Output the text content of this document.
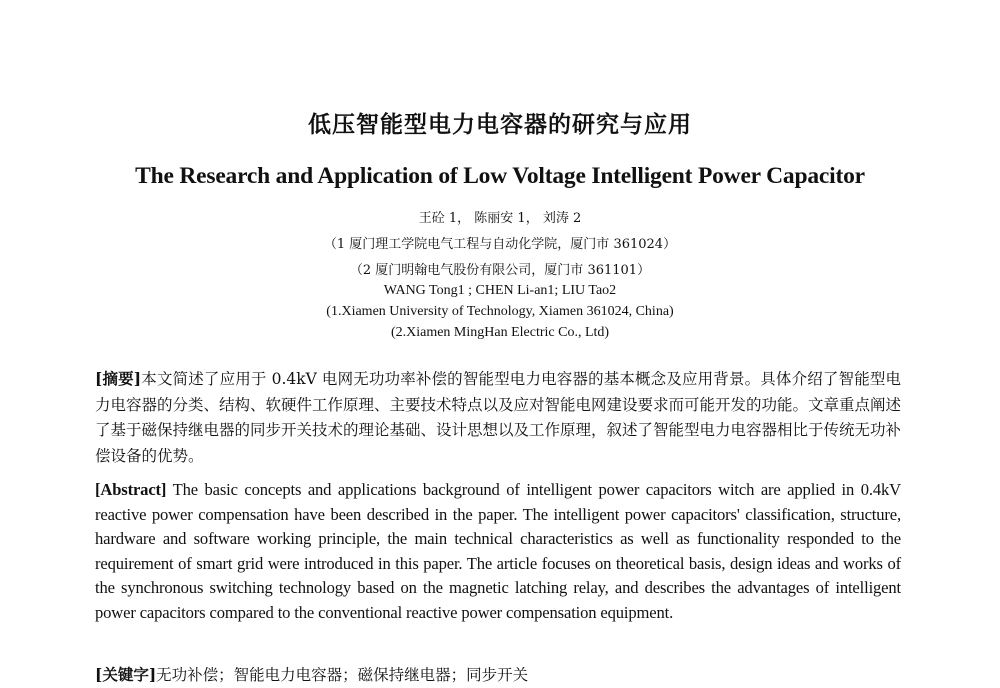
低压智能型电力电容器的研究与应用
The Research and Application of Low Voltage Intelligent Power Capacitor
王砼 1， 陈丽安 1， 刘涛 2
（1 厦门理工学院电气工程与自动化学院，厦门市 361024）
（2 厦门明翰电气股份有限公司，厦门市 361101）
WANG Tong1 ; CHEN Li-an1; LIU Tao2
(1.Xiamen University of Technology, Xiamen 361024, China)
(2.Xiamen MingHan Electric Co., Ltd)
[摘要]本文简述了应用于 0.4kV 电网无功功率补偿的智能型电力电容器的基本概念及应用背景。具体介绍了智能型电力电容器的分类、结构、软硬件工作原理、主要技术特点以及应对智能电网建设要求而可能开发的功能。文章重点阐述了基于磁保持继电器的同步开关技术的理论基础、设计思想以及工作原理，叙述了智能型电力电容器相比于传统无功补偿设备的优势。
[Abstract] The basic concepts and applications background of intelligent power capacitors witch are applied in 0.4kV reactive power compensation have been described in the paper. The intelligent power capacitors' classification, structure, hardware and software working principle, the main technical characteristics as well as functionality responded to the requirement of smart grid were introduced in this paper. The article focuses on theoretical basis, design ideas and works of the synchronous switching technology based on the magnetic latching relay, and describes the advantages of intelligent power capacitors compared to the conventional reactive power compensation equipment.
[关键字]无功补偿；智能电力电容器；磁保持继电器；同步开关
